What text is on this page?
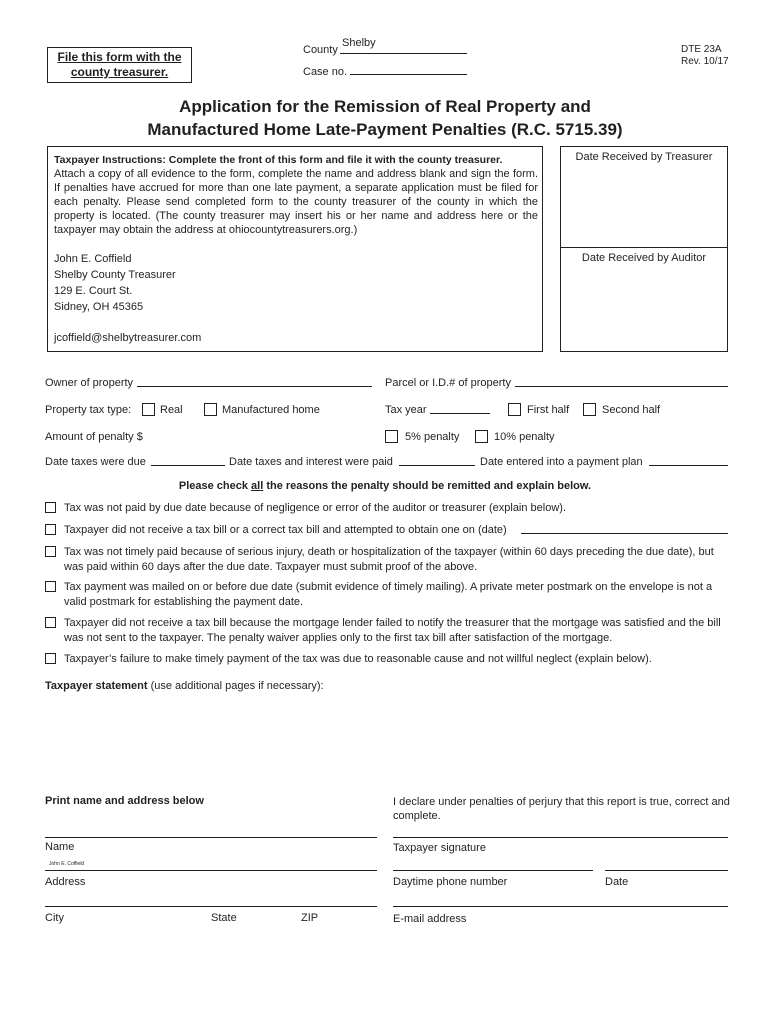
File this form with the
county treasurer.
County
Shelby
Case no.
DTE 23A
Rev. 10/17
Application for the Remission of Real Property and
Manufactured Home Late-Payment Penalties (R.C. 5715.39)
Taxpayer Instructions: Complete the front of this form and file it with the county treasurer.
Attach a copy of all evidence to the form, complete the name and address blank and sign the form. If penalties have accrued for more than one late payment, a separate application must be filed for each penalty. Please send completed form to the county treasurer of the county in which the property is located. (The county treasurer may insert his or her name and address here or the taxpayer may obtain the address at ohiocountytreasurers.org.)
John E. Coffield
Shelby County Treasurer
129 E. Court St.
Sidney, OH 45365
jcoffield@shelbytreasurer.com
Date Received by Treasurer
Date Received by Auditor
Owner of property	Parcel or I.D.# of property
Property tax type:	Real	Manufactured home	Tax year	First half	Second half
Amount of penalty $	5% penalty	10% penalty
Date taxes were due	Date taxes and interest were paid	Date entered into a payment plan
Please check all the reasons the penalty should be remitted and explain below.
Tax was not paid by due date because of negligence or error of the auditor or treasurer (explain below).
Taxpayer did not receive a tax bill or a correct tax bill and attempted to obtain one on (date)
Tax was not timely paid because of serious injury, death or hospitalization of the taxpayer (within 60 days preceding the due date), but was paid within 60 days after the due date. Taxpayer must submit proof of the above.
Tax payment was mailed on or before due date (submit evidence of timely mailing). A private meter postmark on the envelope is not a valid postmark for establishing the payment date.
Taxpayer did not receive a tax bill because the mortgage lender failed to notify the treasurer that the mortgage was satisfied and the bill was not sent to the taxpayer. The penalty waiver applies only to the first tax bill after satisfaction of the mortgage.
Taxpayer’s failure to make timely payment of the tax was due to reasonable cause and not willful neglect (explain below).
Taxpayer statement (use additional pages if necessary):
Print name and address below	I declare under penalties of perjury that this report is true, correct and complete.
Name	Taxpayer signature
John E. Coffield
Address	Daytime phone number	Date
City	State	ZIP	E-mail address
